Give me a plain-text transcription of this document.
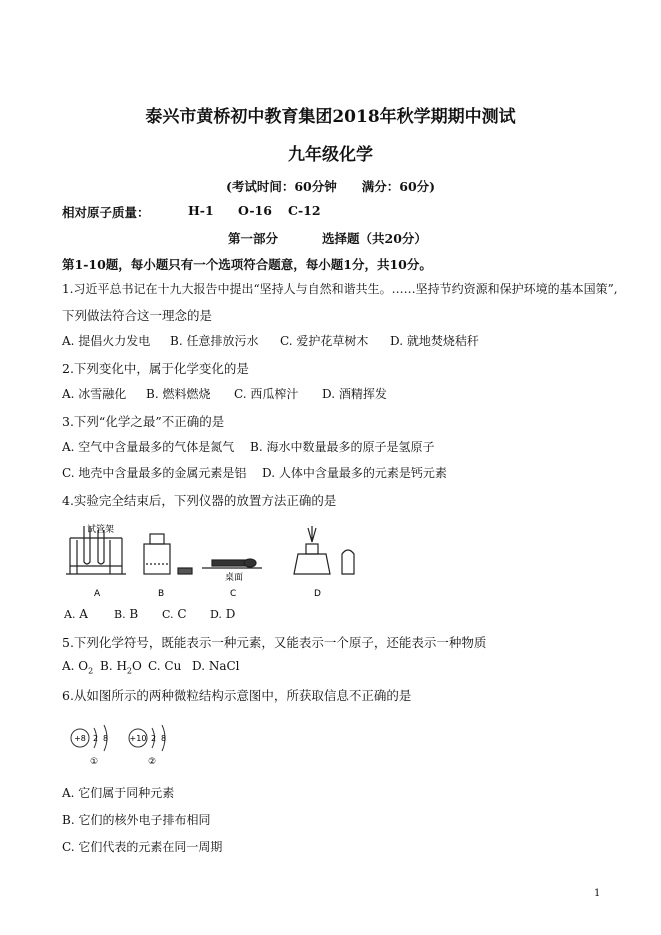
泰兴市黄桥初中教育集团2018年秋学期期中测试
九年级化学
(考试时间：60分钟　　满分：60分)
相对原子质量：	H-1 O-16 C-12
第一部分	选择题（共20分）
第1-10题，每小题只有一个选项符合题意，每小题1分，共10分。
1.习近平总书记在十九大报告中提出“坚持人与自然和谐共生。……坚持节约资源和保护环境的基本国策”,
下列做法符合这一理念的是
A. 提倡火力发电 B. 任意排放污水 C. 爱护花草树木 D. 就地焚烧秸秆
2.下列变化中，属于化学变化的是
A. 冰雪融化 B. 燃料燃烧 C. 西瓜榨汁 D. 酒精挥发
3.下列“化学之最”不正确的是
A. 空气中含量最多的气体是氮气 B. 海水中数量最多的原子是氢原子
C. 地壳中含量最多的金属元素是铝 D. 人体中含量最多的元素是钙元素
4.实验完全结束后，下列仪器的放置方法正确的是
试管架
A	B
桌面
C	D
A. A B. B C. C D. D
5.下列化学符号，既能表示一种元素，又能表示一个原子，还能表示一种物质
A. $O_2$ B. $H_2O$ C. Cu D. NaCl
6.从如图所示的两种微粒结构示意图中，所获取信息不正确的是
+8 2 8
①
+10 2 8
②
A. 它们属于同种元素
B. 它们的核外电子排布相同
C. 它们代表的元素在同一周期
1
